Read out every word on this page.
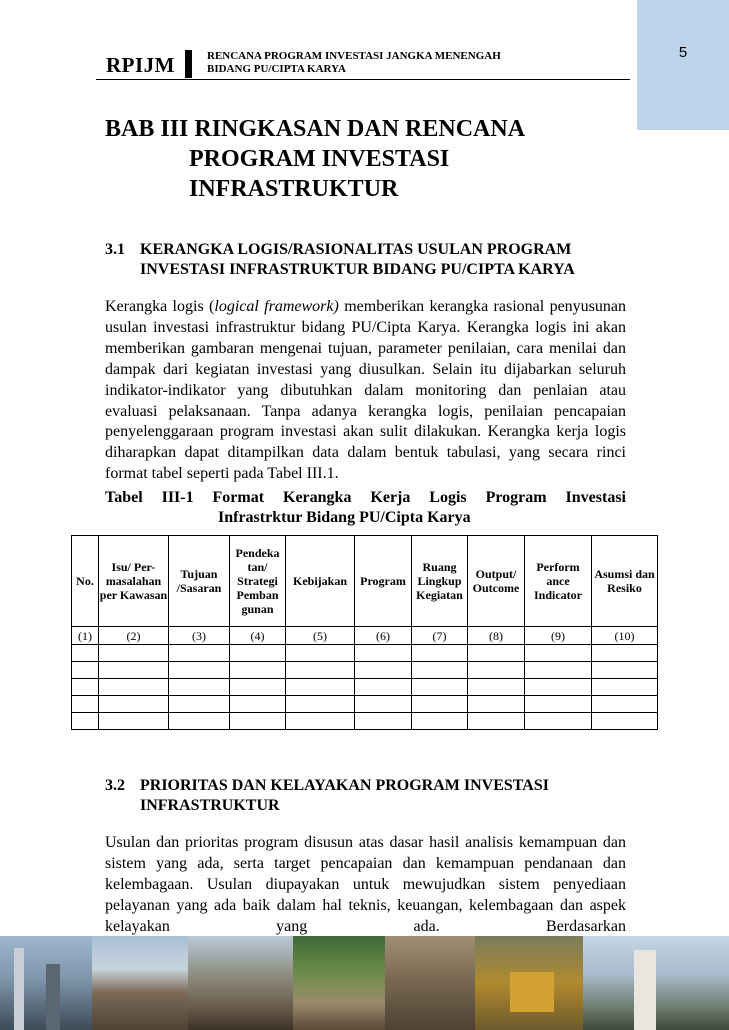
5
RPIJM	RENCANA PROGRAM INVESTASI JANGKA MENENGAH
BIDANG PU/CIPTA KARYA
BAB III RINGKASAN DAN RENCANA
PROGRAM INVESTASI
INFRASTRUKTUR
3.1 KERANGKA LOGIS/RASIONALITAS USULAN PROGRAM
INVESTASI INFRASTRUKTUR BIDANG PU/CIPTA KARYA
Kerangka logis (logical framework) memberikan kerangka rasional penyusunan usulan investasi infrastruktur bidang PU/Cipta Karya. Kerangka logis ini akan memberikan gambaran mengenai tujuan, parameter penilaian, cara menilai dan dampak dari kegiatan investasi yang diusulkan. Selain itu dijabarkan seluruh indikator-indikator yang dibutuhkan dalam monitoring dan penlaian atau evaluasi pelaksanaan. Tanpa adanya kerangka logis, penilaian pencapaian penyelenggaraan program investasi akan sulit dilakukan. Kerangka kerja logis diharapkan dapat ditampilkan data dalam bentuk tabulasi, yang secara rinci format tabel seperti pada Tabel III.1.
Tabel III-1 Format Kerangka Kerja Logis Program Investasi
Infrastrktur Bidang PU/Cipta Karya
No.	Isu/ Per-masalahan per Kawasan	Tujuan /Sasaran	Pendeka tan/ Strategi Pemban gunan	Kebijakan	Program	Ruang Lingkup Kegiatan	Output/ Outcome	Perform ance Indicator	Asumsi dan Resiko
(1)	(2)	(3)	(4)	(5)	(6)	(7)	(8)	(9)	(10)

3.2 PRIORITAS DAN KELAYAKAN PROGRAM INVESTASI
INFRASTRUKTUR
Usulan dan prioritas program disusun atas dasar hasil analisis kemampuan dan sistem yang ada, serta target pencapaian dan kemampuan pendanaan dan kelembagaan. Usulan diupayakan untuk mewujudkan sistem penyediaan pelayanan yang ada baik dalam hal teknis, keuangan, kelembagaan dan aspek kelayakan yang ada. Berdasarkan
